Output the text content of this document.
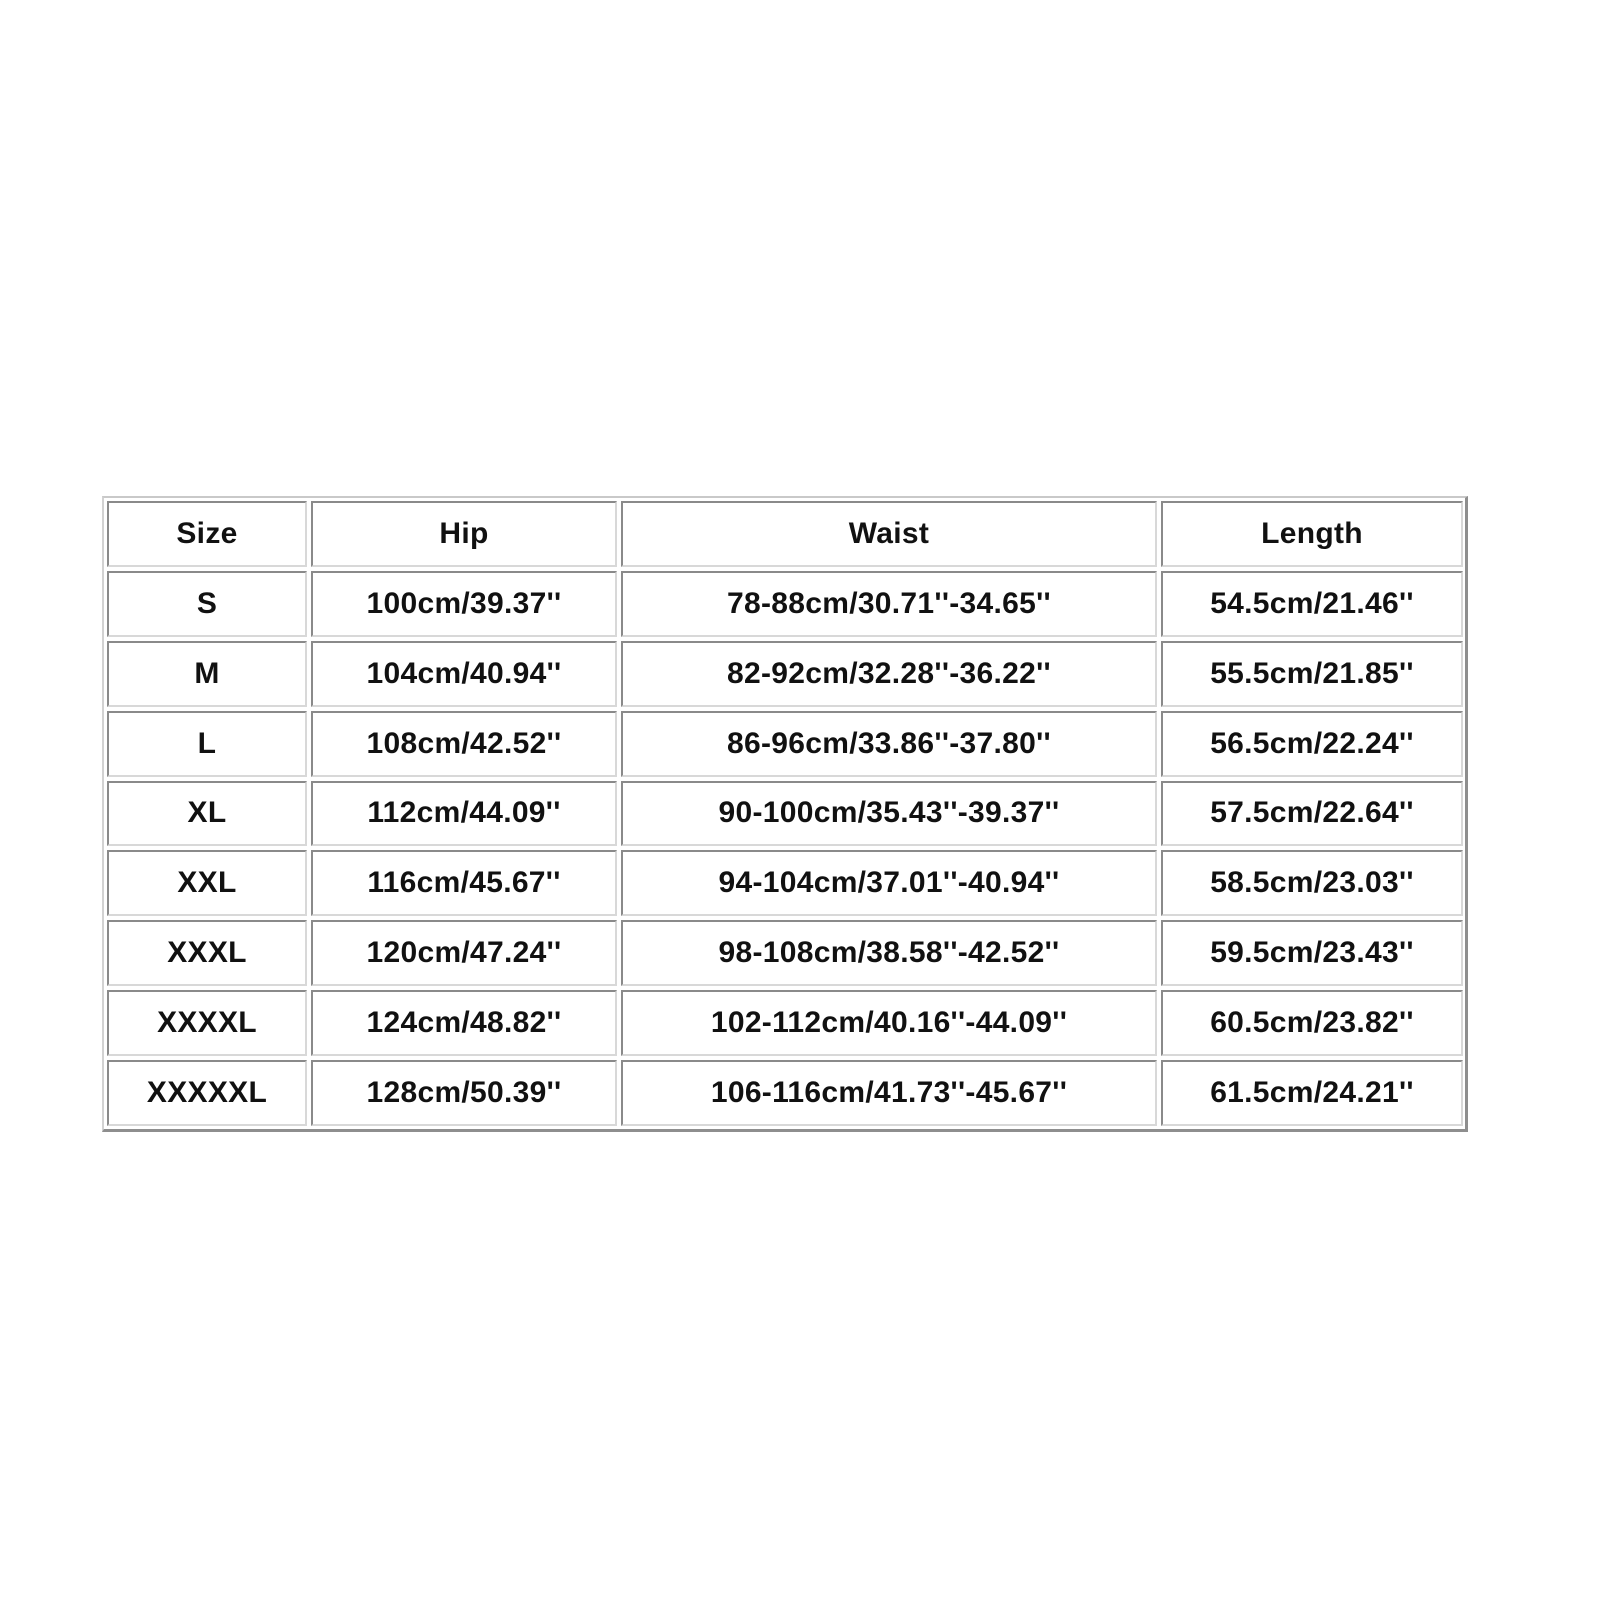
Size	Hip	Waist	Length
S	100cm/39.37''	78-88cm/30.71''-34.65''	54.5cm/21.46''
M	104cm/40.94''	82-92cm/32.28''-36.22''	55.5cm/21.85''
L	108cm/42.52''	86-96cm/33.86''-37.80''	56.5cm/22.24''
XL	112cm/44.09''	90-100cm/35.43''-39.37''	57.5cm/22.64''
XXL	116cm/45.67''	94-104cm/37.01''-40.94''	58.5cm/23.03''
XXXL	120cm/47.24''	98-108cm/38.58''-42.52''	59.5cm/23.43''
XXXXL	124cm/48.82''	102-112cm/40.16''-44.09''	60.5cm/23.82''
XXXXXL	128cm/50.39''	106-116cm/41.73''-45.67''	61.5cm/24.21''
